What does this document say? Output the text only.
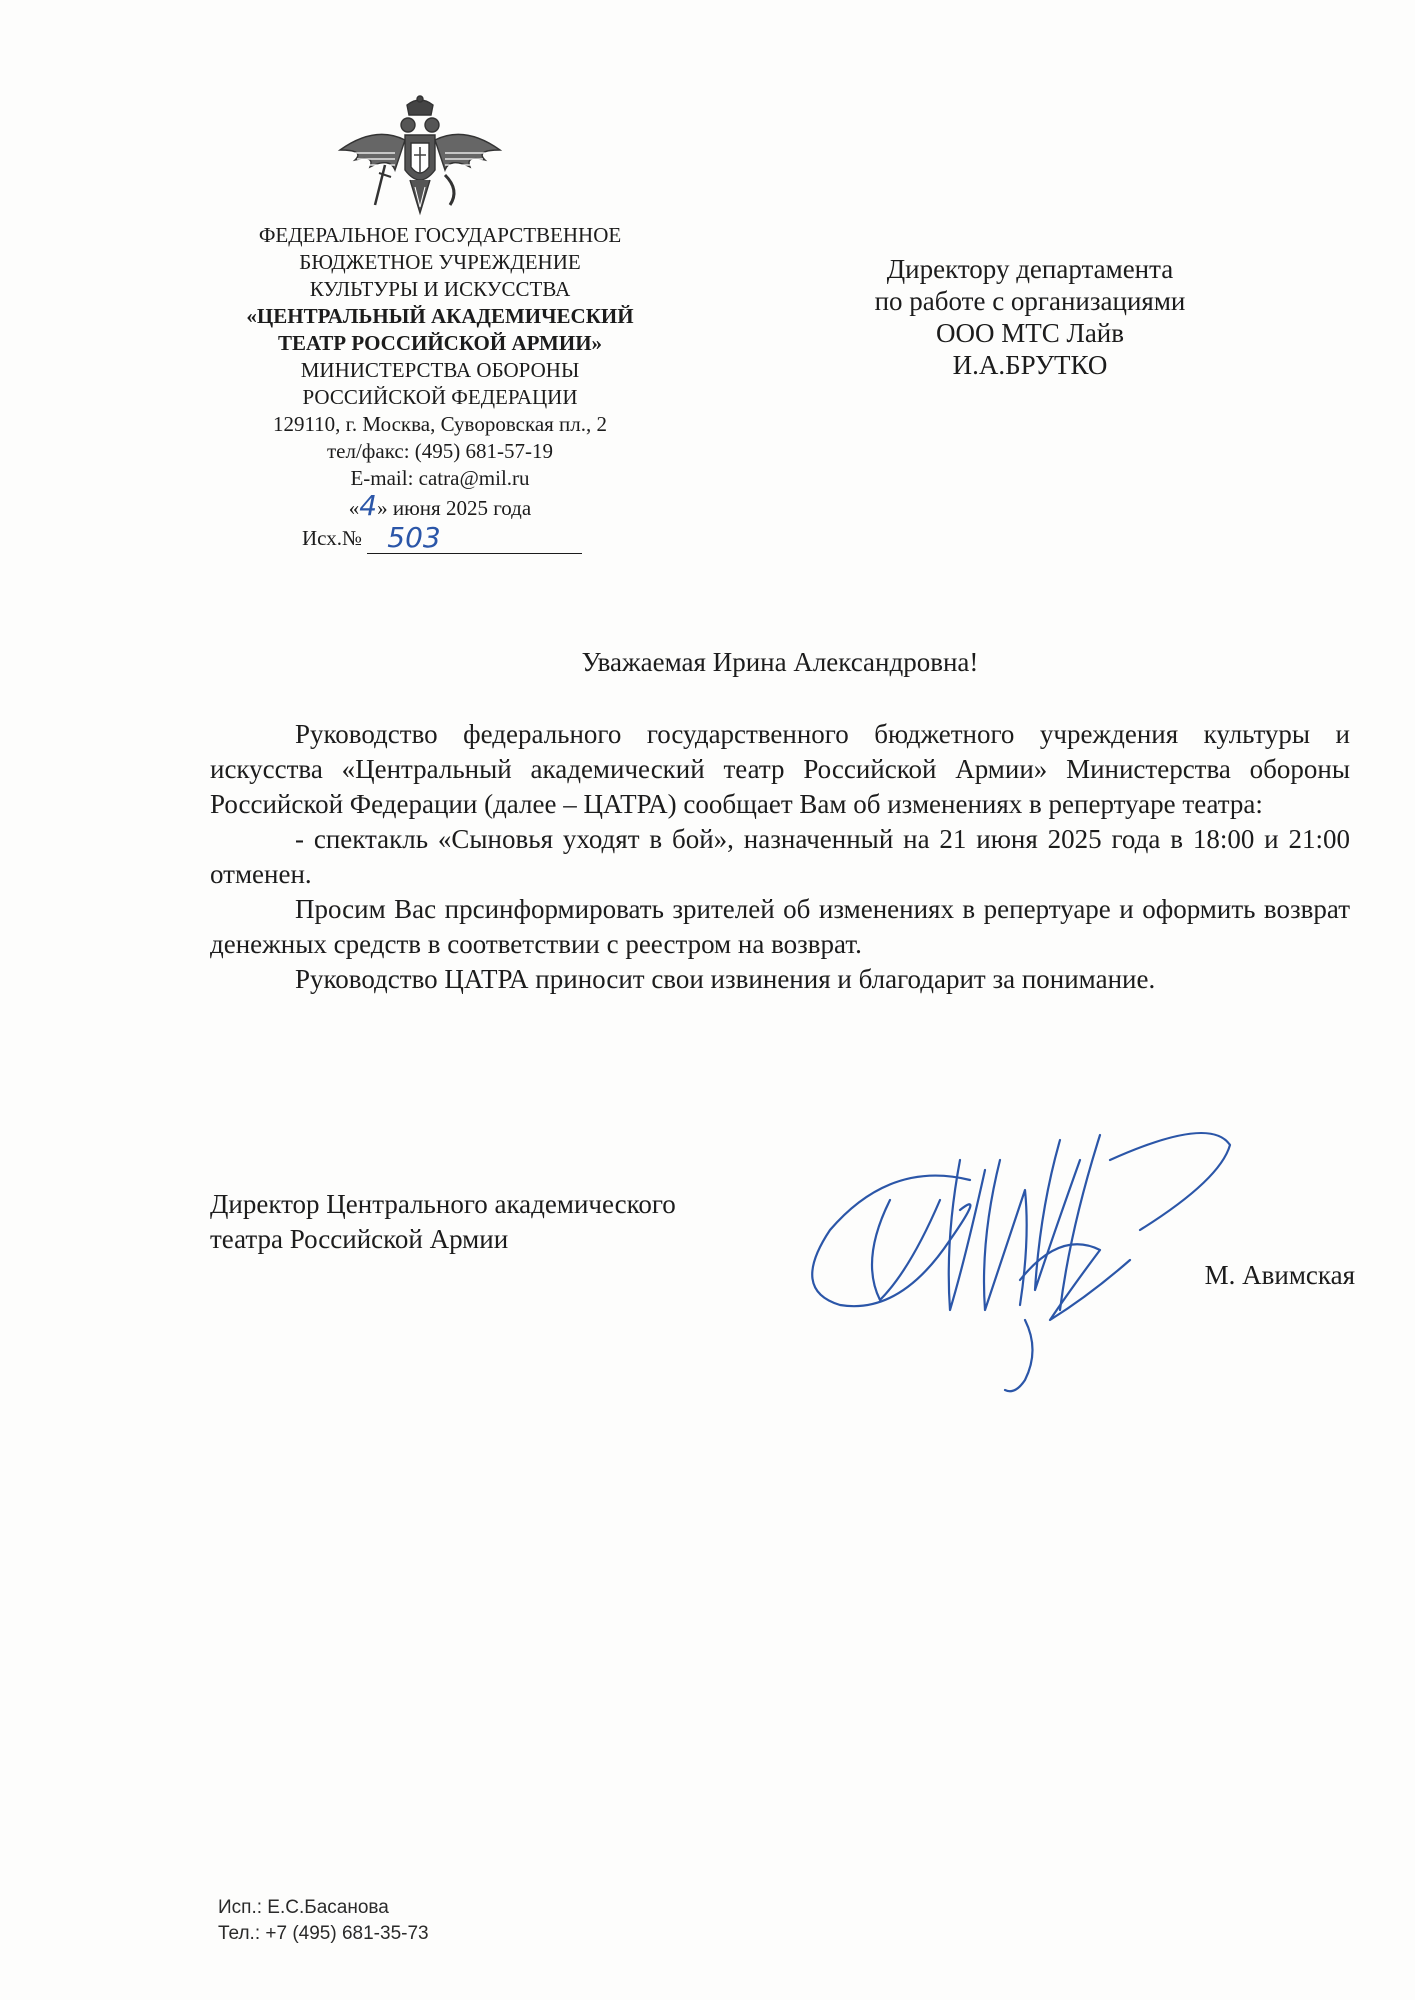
ФЕДЕРАЛЬНОЕ ГОСУДАРСТВЕННОЕ
БЮДЖЕТНОЕ УЧРЕЖДЕНИЕ
КУЛЬТУРЫ И ИСКУССТВА
«ЦЕНТРАЛЬНЫЙ АКАДЕМИЧЕСКИЙ
ТЕАТР РОССИЙСКОЙ АРМИИ»
МИНИСТЕРСТВА ОБОРОНЫ
РОССИЙСКОЙ ФЕДЕРАЦИИ
129110, г. Москва, Суворовская пл., 2
тел/факс: (495) 681-57-19
E-mail: catra@mil.ru
«4» июня 2025 года
Исх.№ 503
Директору департамента
по работе с организациями
ООО МТС Лайв
И.А.БРУТКО
Уважаемая Ирина Александровна!

Руководство федерального государственного бюджетного учреждения культуры и искусства «Центральный академический театр Российской Армии» Министерства обороны Российской Федерации (далее – ЦАТРА) сообщает Вам об изменениях в репертуаре театра:

- спектакль «Сыновья уходят в бой», назначенный на 21 июня 2025 года в 18:00 и 21:00 отменен.

Просим Вас прсинформировать зрителей об изменениях в репертуаре и оформить возврат денежных средств в соответствии с реестром на возврат.

Руководство ЦАТРА приносит свои извинения и благодарит за понимание.

Директор Центрального академического
театра Российской Армии
М. Авимская
Исп.: Е.С.Басанова
Тел.: +7 (495) 681-35-73
